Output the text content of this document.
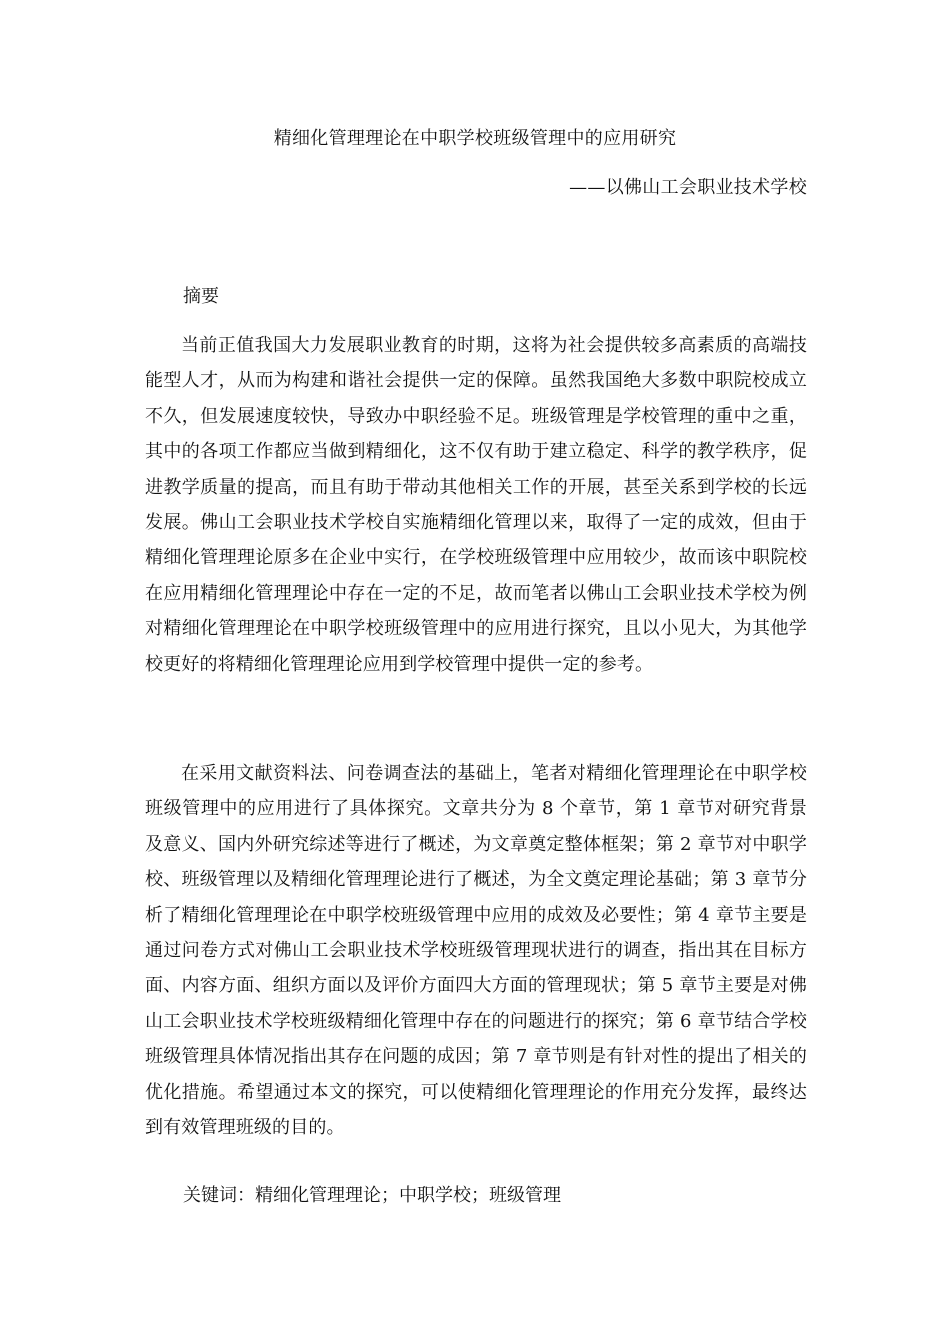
精细化管理理论在中职学校班级管理中的应用研究
——以佛山工会职业技术学校
摘要

当前正值我国大力发展职业教育的时期，这将为社会提供较多高素质的高端技能型人才，从而为构建和谐社会提供一定的保障。虽然我国绝大多数中职院校成立不久，但发展速度较快，导致办中职经验不足。班级管理是学校管理的重中之重，其中的各项工作都应当做到精细化，这不仅有助于建立稳定、科学的教学秩序，促进教学质量的提高，而且有助于带动其他相关工作的开展，甚至关系到学校的长远发展。佛山工会职业技术学校自实施精细化管理以来，取得了一定的成效，但由于精细化管理理论原多在企业中实行，在学校班级管理中应用较少，故而该中职院校在应用精细化管理理论中存在一定的不足，故而笔者以佛山工会职业技术学校为例对精细化管理理论在中职学校班级管理中的应用进行探究，且以小见大，为其他学校更好的将精细化管理理论应用到学校管理中提供一定的参考。

在采用文献资料法、问卷调查法的基础上，笔者对精细化管理理论在中职学校班级管理中的应用进行了具体探究。文章共分为 8 个章节，第 1 章节对研究背景及意义、国内外研究综述等进行了概述，为文章奠定整体框架；第 2 章节对中职学校、班级管理以及精细化管理理论进行了概述，为全文奠定理论基础；第 3 章节分析了精细化管理理论在中职学校班级管理中应用的成效及必要性；第 4 章节主要是通过问卷方式对佛山工会职业技术学校班级管理现状进行的调查，指出其在目标方面、内容方面、组织方面以及评价方面四大方面的管理现状；第 5 章节主要是对佛山工会职业技术学校班级精细化管理中存在的问题进行的探究；第 6 章节结合学校班级管理具体情况指出其存在问题的成因；第 7 章节则是有针对性的提出了相关的优化措施。希望通过本文的探究，可以使精细化管理理论的作用充分发挥，最终达到有效管理班级的目的。

关键词：精细化管理理论；中职学校；班级管理
